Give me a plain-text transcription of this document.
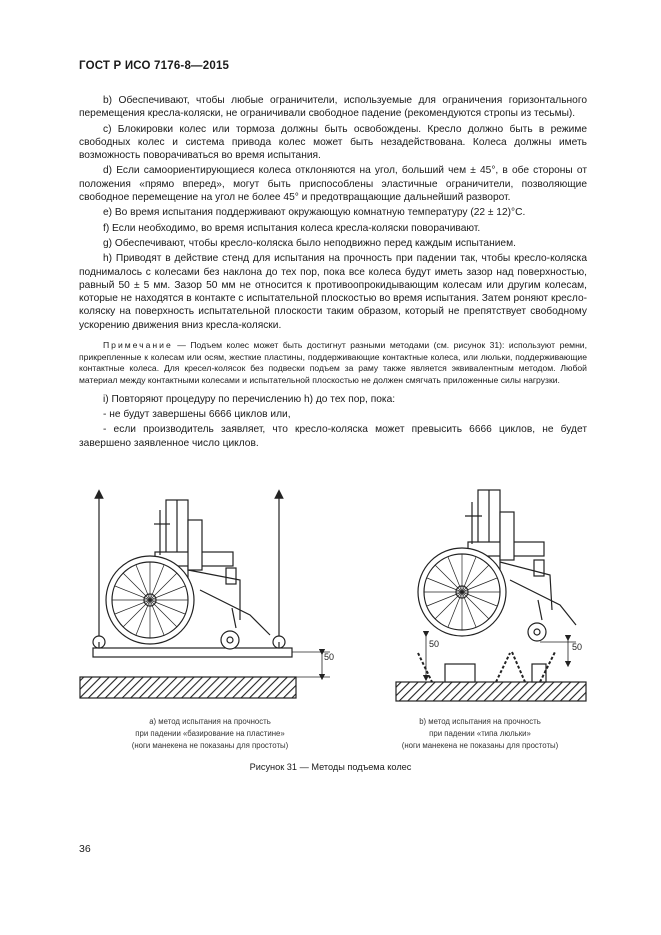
ГОСТ Р ИСО 7176-8—2015

b) Обеспечивают, чтобы любые ограничители, используемые для ограничения горизонтального перемещения кресла-коляски, не ограничивали свободное падение (рекомендуются стропы из тесьмы).

c) Блокировки колес или тормоза должны быть освобождены. Кресло должно быть в режиме свободных колес и система привода колес может быть незадействована. Колеса должны иметь возможность поворачиваться во время испытания.

d) Если самоориентирующиеся колеса отклоняются на угол, больший чем ± 45°, в обе стороны от положения «прямо вперед», могут быть приспособлены эластичные ограничители, позволяющие свободное перемещение на угол не более 45° и предотвращающие дальнейший разворот.

e) Во время испытания поддерживают окружающую комнатную температуру (22 ± 12)°С.

f) Если необходимо, во время испытания колеса кресла-коляски поворачивают.

g) Обеспечивают, чтобы кресло-коляска было неподвижно перед каждым испытанием.

h) Приводят в действие стенд для испытания на прочность при падении так, чтобы кресло-коляска поднималось с колесами без наклона до тех пор, пока все колеса будут иметь зазор над поверхностью, равный 50 ± 5 мм. Зазор 50 мм не относится к противоопрокидывающим колесам или другим колесам, которые не находятся в контакте с испытательной плоскостью во время испытания. Затем роняют кресло-коляску на поверхность испытательной плоскости таким образом, который не препятствует свободному ускорению движения вниз кресла-коляски.

Примечание — Подъем колес может быть достигнут разными методами (см. рисунок 31): используют ремни, прикрепленные к колесам или осям, жесткие пластины, поддерживающие контактные колеса, или люльки, поддерживающие контактные колеса. Для кресел-колясок без подвески подъем за раму также является эквивалентным методом. Любой материал между контактными колесами и испытательной плоскостью не должен смягчать приложенные силы нагрузки.

i) Повторяют процедуру по перечислению h) до тех пор, пока:

- не будут завершены 6666 циклов или,

- если производитель заявляет, что кресло-коляска может превысить 6666 циклов, не будет завершено заявленное число циклов.

50
50	50
a) метод испытания на прочность
при падении «базирование на пластине»
(ноги манекена не показаны для простоты)
b) метод испытания на прочность
при падении «типа люльки»
(ноги манекена не показаны для простоты)
Рисунок 31 — Методы подъема колес
36
